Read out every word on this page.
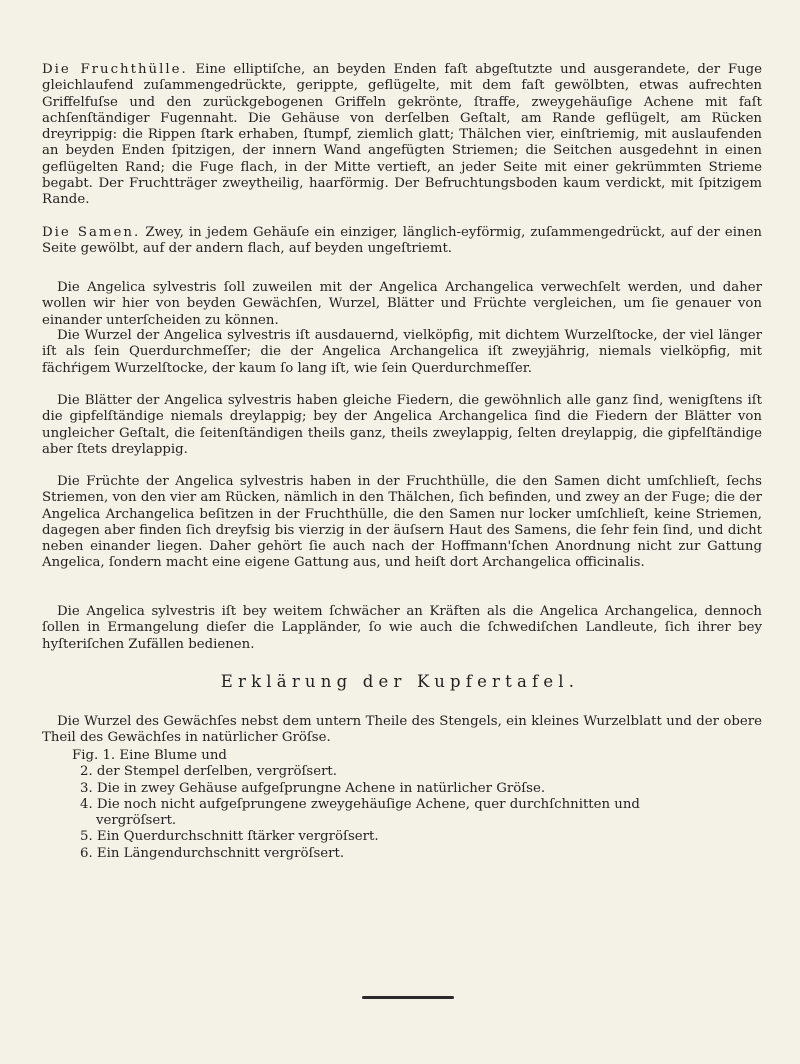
Die Fruchthülle. Eine elliptiſche, an beyden Enden faſt abgeſtutzte und ausgerandete, der Fuge gleichlaufend zuſammengedrückte, gerippte, geflügelte, mit dem faſt gewölbten, etwas aufrechten Griffelfuſse und den zurückgebogenen Griffeln gekrönte, ſtraffe, zweygehäuſige Achene mit faſt achſenſtändiger Fugennaht. Die Gehäuse von derſelben Geſtalt, am Rande geflügelt, am Rücken dreyrippig: die Rippen ſtark erhaben, ſtumpf, ziemlich glatt; Thälchen vier, einſtriemig, mit auslaufenden an beyden Enden ſpitzigen, der innern Wand angefügten Striemen; die Seitchen ausgedehnt in einen geflügelten Rand; die Fuge flach, in der Mitte vertieft, an jeder Seite mit einer gekrümmten Strieme begabt. Der Fruchtträger zweytheilig, haarförmig. Der Befruchtungsboden kaum verdickt, mit ſpitzigem Rande.
Die Samen. Zwey, in jedem Gehäuſe ein einziger, länglich-eyförmig, zuſammengedrückt, auf der einen Seite gewölbt, auf der andern flach, auf beyden ungeſtriemt.
Die Angelica sylvestris ſoll zuweilen mit der Angelica Archangelica verwechſelt werden, und daher wollen wir hier von beyden Gewächſen, Wurzel, Blätter und Früchte vergleichen, um ſie genauer von einander unterſcheiden zu können.
Die Wurzel der Angelica sylvestris iſt ausdauernd, vielköpfig, mit dichtem Wurzelſtocke, der viel länger iſt als ſein Querdurchmeſſer; die der Angelica Archangelica iſt zweyjährig, niemals vielköpfig, mit fächŕigem Wurzelſtocke, der kaum ſo lang iſt, wie ſein Querdurchmeſſer.
Die Blätter der Angelica sylvestris haben gleiche Fiedern, die gewöhnlich alle ganz ſind, wenigſtens iſt die gipfelſtändige niemals dreylappig; bey der Angelica Archangelica ſind die Fiedern der Blätter von ungleicher Geſtalt, die ſeitenſtändigen theils ganz, theils zweylappig, ſelten dreylappig, die gipfelſtändige aber ſtets dreylappig.
Die Früchte der Angelica sylvestris haben in der Fruchthülle, die den Samen dicht umſchlieſt, ſechs Striemen, von den vier am Rücken, nämlich in den Thälchen, ſich befinden, und zwey an der Fuge; die der Angelica Archangelica beſitzen in der Fruchthülle, die den Samen nur locker umſchlieſt, keine Striemen, dagegen aber finden ſich dreyfsig bis vierzig in der äuſsern Haut des Samens, die ſehr fein ſind, und dicht neben einander liegen. Daher gehört ſie auch nach der Hoffmann'ſchen Anordnung nicht zur Gattung Angelica, ſondern macht eine eigene Gattung aus, und heiſt dort Archangelica officinalis.
Die Angelica sylvestris iſt bey weitem ſchwächer an Kräften als die Angelica Archangelica, dennoch ſollen in Ermangelung dieſer die Lappländer, ſo wie auch die ſchwediſchen Landleute, ſich ihrer bey hyſteriſchen Zufällen bedienen.
Erklärung der Kupfertafel.
Die Wurzel des Gewächſes nebst dem untern Theile des Stengels, ein kleines Wurzelblatt und der obere Theil des Gewächſes in natürlicher Gröſse.
Fig. 1. Eine Blume und
2. der Stempel derſelben, vergröſsert.
3. Die in zwey Gehäuse aufgeſprungne Achene in natürlicher Gröſse.
4. Die noch nicht aufgeſprungene zweygehäuſige Achene, quer durchſchnitten und
vergröſsert.
5. Ein Querdurchschnitt ſtärker vergröſsert.
6. Ein Längendurchschnitt vergröſsert.
